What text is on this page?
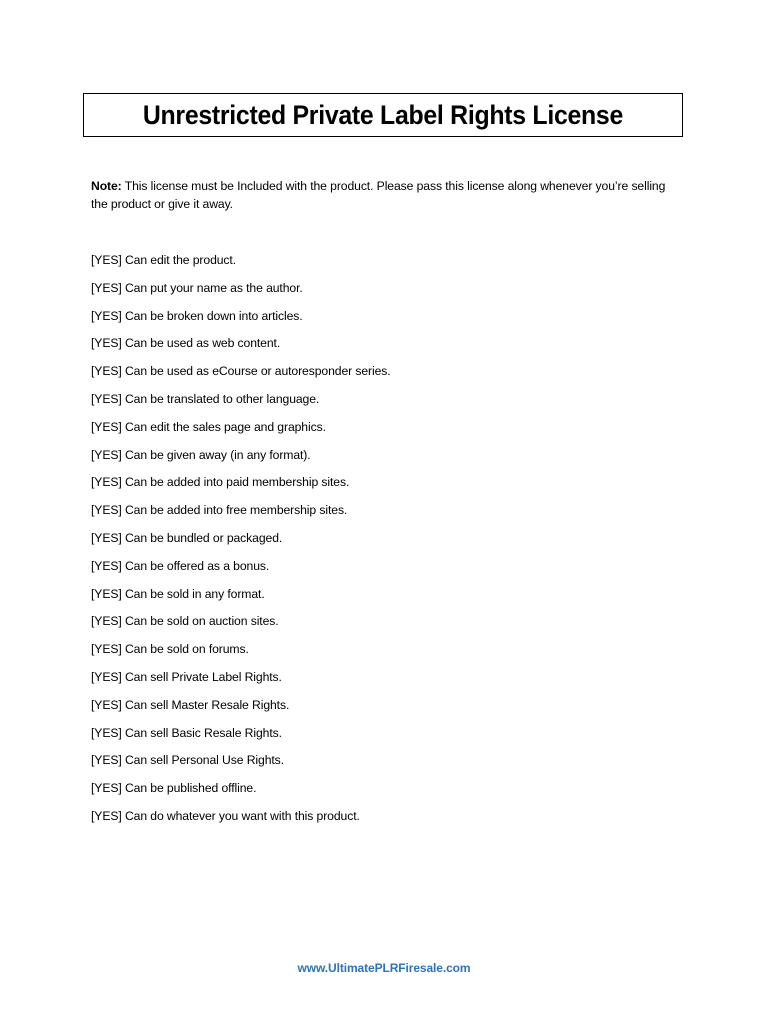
Unrestricted Private Label Rights License
Note: This license must be Included with the product. Please pass this license along whenever you’re selling the product or give it away.
[YES] Can edit the product.
[YES] Can put your name as the author.
[YES] Can be broken down into articles.
[YES] Can be used as web content.
[YES] Can be used as eCourse or autoresponder series.
[YES] Can be translated to other language.
[YES] Can edit the sales page and graphics.
[YES] Can be given away (in any format).
[YES] Can be added into paid membership sites.
[YES] Can be added into free membership sites.
[YES] Can be bundled or packaged.
[YES] Can be offered as a bonus.
[YES] Can be sold in any format.
[YES] Can be sold on auction sites.
[YES] Can be sold on forums.
[YES] Can sell Private Label Rights.
[YES] Can sell Master Resale Rights.
[YES] Can sell Basic Resale Rights.
[YES] Can sell Personal Use Rights.
[YES] Can be published offline.
[YES] Can do whatever you want with this product.
www.UltimatePLRFiresale.com
